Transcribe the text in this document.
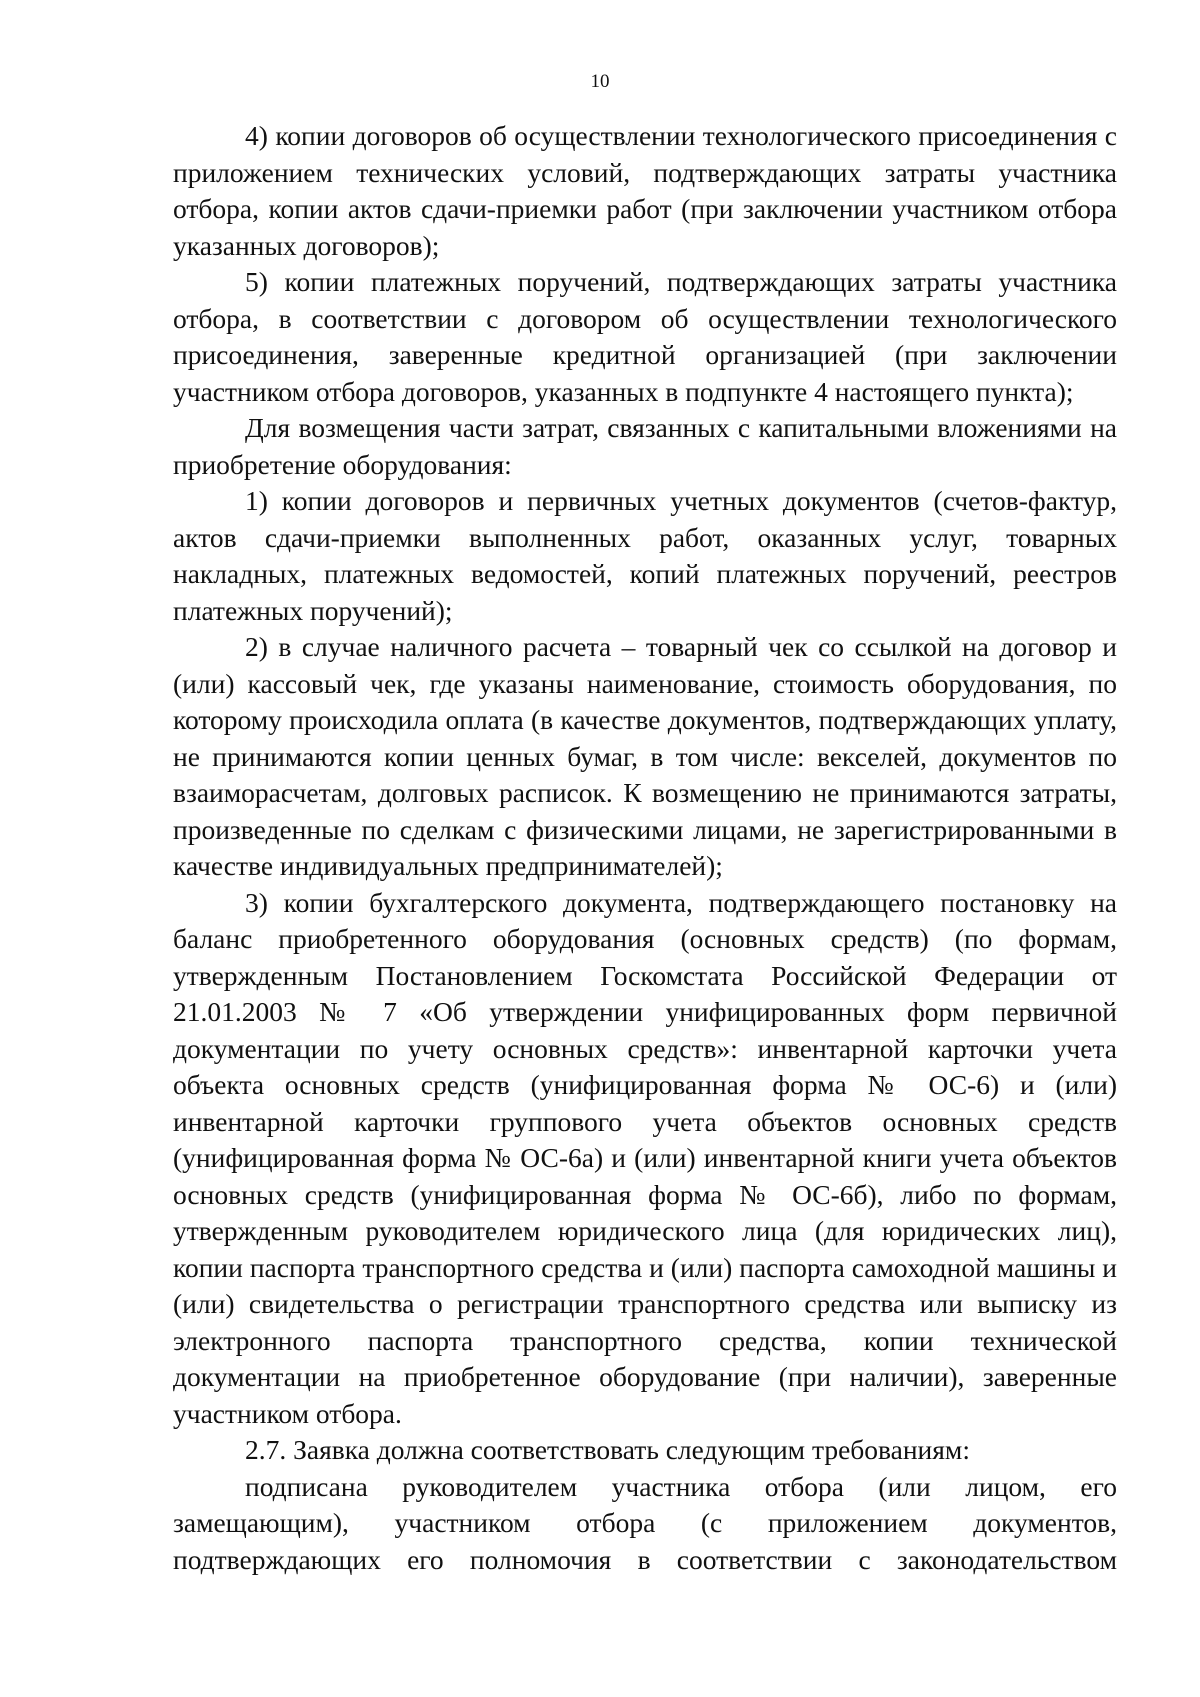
10

4) копии договоров об осуществлении технологического присоединения с приложением технических условий, подтверждающих затраты участника отбора, копии актов сдачи-приемки работ (при заключении участником отбора указанных договоров);

5) копии платежных поручений, подтверждающих затраты участника отбора, в соответствии с договором об осуществлении технологического присоединения, заверенные кредитной организацией (при заключении участником отбора договоров, указанных в подпункте 4 настоящего пункта);

Для возмещения части затрат, связанных с капитальными вложениями на приобретение оборудования:

1) копии договоров и первичных учетных документов (счетов-фактур, актов сдачи-приемки выполненных работ, оказанных услуг, товарных накладных, платежных ведомостей, копий платежных поручений, реестров платежных поручений);

2) в случае наличного расчета – товарный чек со ссылкой на договор и (или) кассовый чек, где указаны наименование, стоимость оборудования, по которому происходила оплата (в качестве документов, подтверждающих уплату, не принимаются копии ценных бумаг, в том числе: векселей, документов по взаиморасчетам, долговых расписок. К возмещению не принимаются затраты, произведенные по сделкам с физическими лицами, не зарегистрированными в качестве индивидуальных предпринимателей);

3) копии бухгалтерского документа, подтверждающего постановку на баланс приобретенного оборудования (основных средств) (по формам, утвержденным Постановлением Госкомстата Российской Федерации от 21.01.2003 № 7 «Об утверждении унифицированных форм первичной документации по учету основных средств»: инвентарной карточки учета объекта основных средств (унифицированная форма № ОС-6) и (или) инвентарной карточки группового учета объектов основных средств (унифицированная форма № ОС-6а) и (или) инвентарной книги учета объектов основных средств (унифицированная форма № ОС-6б), либо по формам, утвержденным руководителем юридического лица (для юридических лиц), копии паспорта транспортного средства и (или) паспорта самоходной машины и (или) свидетельства о регистрации транспортного средства или выписку из электронного паспорта транспортного средства, копии технической документации на приобретенное оборудование (при наличии), заверенные участником отбора.

2.7. Заявка должна соответствовать следующим требованиям:

подписана руководителем участника отбора (или лицом, его замещающим), участником отбора (с приложением документов, подтверждающих его полномочия в соответствии с законодательством
